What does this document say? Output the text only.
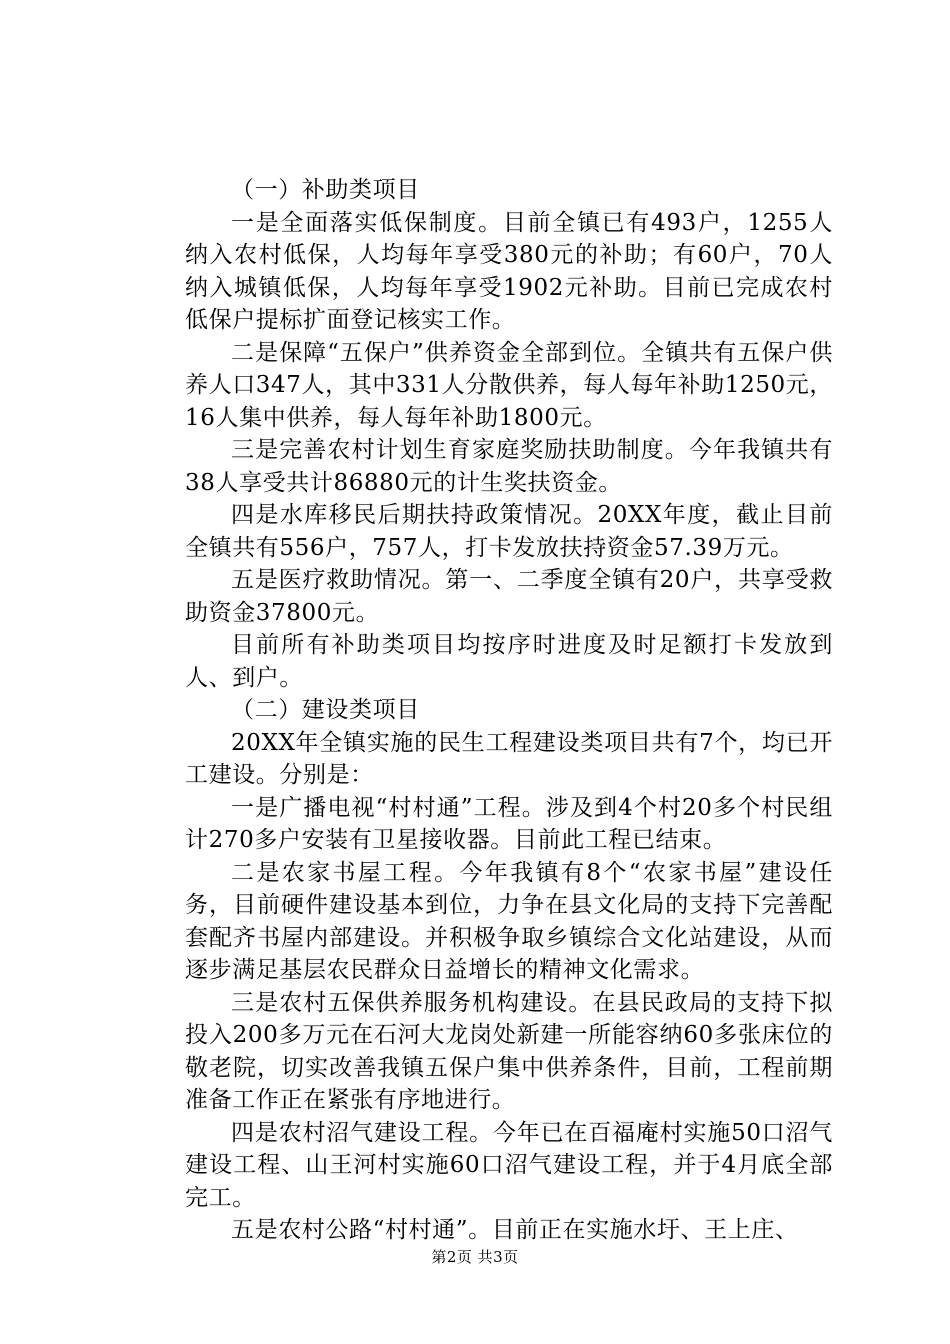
（一）补助类项目

一是全面落实低保制度。目前全镇已有493户，1255人纳入农村低保，人均每年享受380元的补助；有60户，70人纳入城镇低保，人均每年享受1902元补助。目前已完成农村低保户提标扩面登记核实工作。

二是保障“五保户”供养资金全部到位。全镇共有五保户供养人口347人，其中331人分散供养，每人每年补助1250元，16人集中供养，每人每年补助1800元。

三是完善农村计划生育家庭奖励扶助制度。今年我镇共有38人享受共计86880元的计生奖扶资金。

四是水库移民后期扶持政策情况。20XX年度，截止目前全镇共有556户，757人，打卡发放扶持资金57.39万元。

五是医疗救助情况。第一、二季度全镇有20户，共享受救助资金37800元。

目前所有补助类项目均按序时进度及时足额打卡发放到人、到户。

（二）建设类项目

20XX年全镇实施的民生工程建设类项目共有7个，均已开工建设。分别是：

一是广播电视“村村通”工程。涉及到4个村20多个村民组计270多户安装有卫星接收器。目前此工程已结束。

二是农家书屋工程。今年我镇有8个“农家书屋”建设任务，目前硬件建设基本到位，力争在县文化局的支持下完善配套配齐书屋内部建设。并积极争取乡镇综合文化站建设，从而逐步满足基层农民群众日益增长的精神文化需求。

三是农村五保供养服务机构建设。在县民政局的支持下拟投入200多万元在石河大龙岗处新建一所能容纳60多张床位的敬老院，切实改善我镇五保户集中供养条件，目前，工程前期准备工作正在紧张有序地进行。

四是农村沼气建设工程。今年已在百福庵村实施50口沼气建设工程、山王河村实施60口沼气建设工程，并于4月底全部完工。

五是农村公路“村村通”。目前正在实施水圩、王上庄、

第2页 共3页
